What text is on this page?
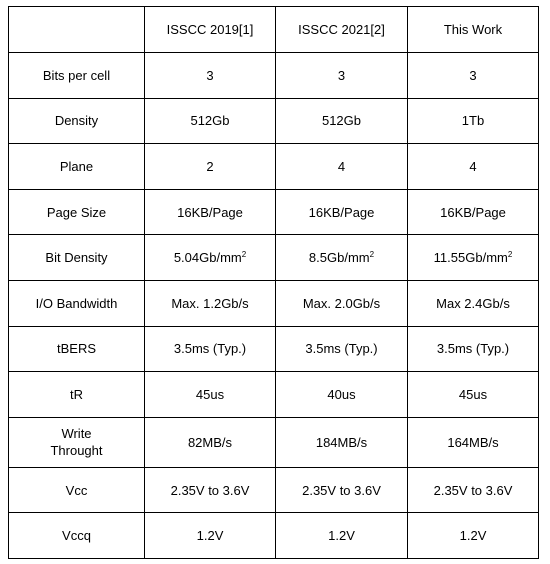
	ISSCC 2019[1]	ISSCC 2021[2]	This Work
Bits per cell	3	3	3
Density	512Gb	512Gb	1Tb
Plane	2	4	4
Page Size	16KB/Page	16KB/Page	16KB/Page
Bit Density	$5.04Gb/mm^2$	$8.5Gb/mm^2$	$11.55Gb/mm^2$
I/O Bandwidth	Max. 1.2Gb/s	Max. 2.0Gb/s	Max 2.4Gb/s
tBERS	3.5ms (Typ.)	3.5ms (Typ.)	3.5ms (Typ.)
tR	45us	40us	45us

Write
Throught	82MB/s	184MB/s	164MB/s
Vcc	2.35V to 3.6V	2.35V to 3.6V	2.35V to 3.6V
Vccq	1.2V	1.2V	1.2V
